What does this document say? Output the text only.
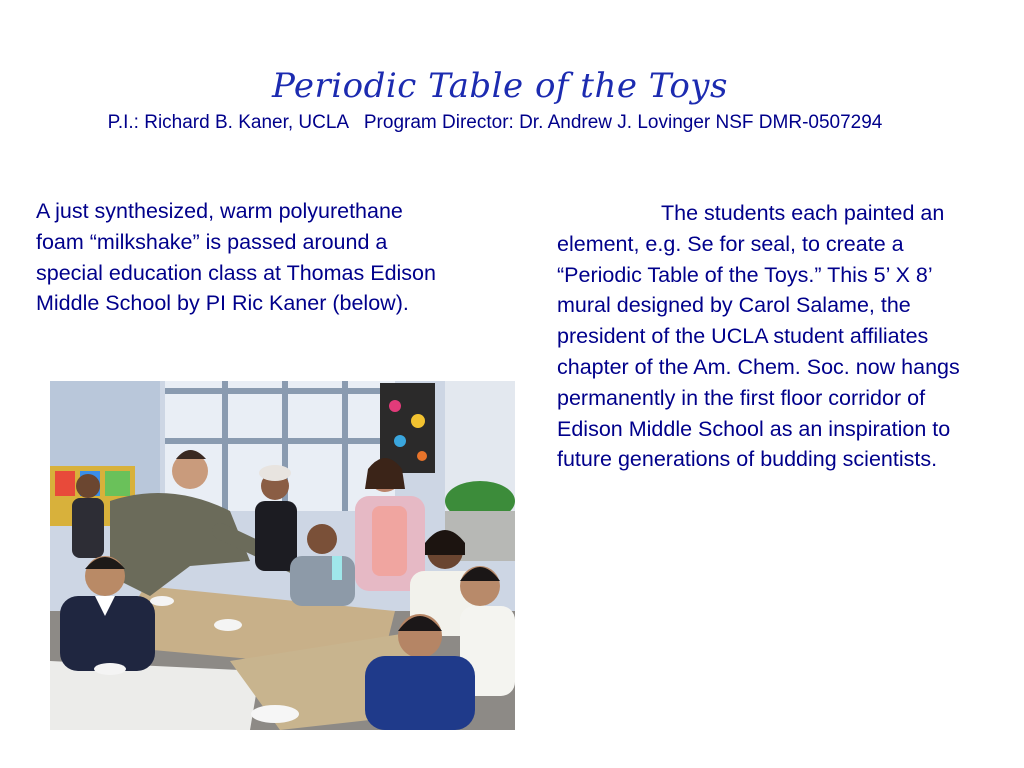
Periodic Table of the Toys
P.I.: Richard B. Kaner, UCLA   Program Director: Dr. Andrew J. Lovinger NSF DMR-0507294
A just synthesized, warm polyurethane foam “milkshake” is passed around a special education class at Thomas Edison Middle School by PI Ric Kaner (below).
The students each painted an element, e.g. Se for seal, to create a “Periodic Table of the Toys.” This 5’ X 8’ mural designed by Carol Salame, the president of the UCLA student affiliates chapter of the Am. Chem. Soc. now hangs permanently in the first floor corridor of Edison Middle School as an inspiration to future generations of budding scientists.
